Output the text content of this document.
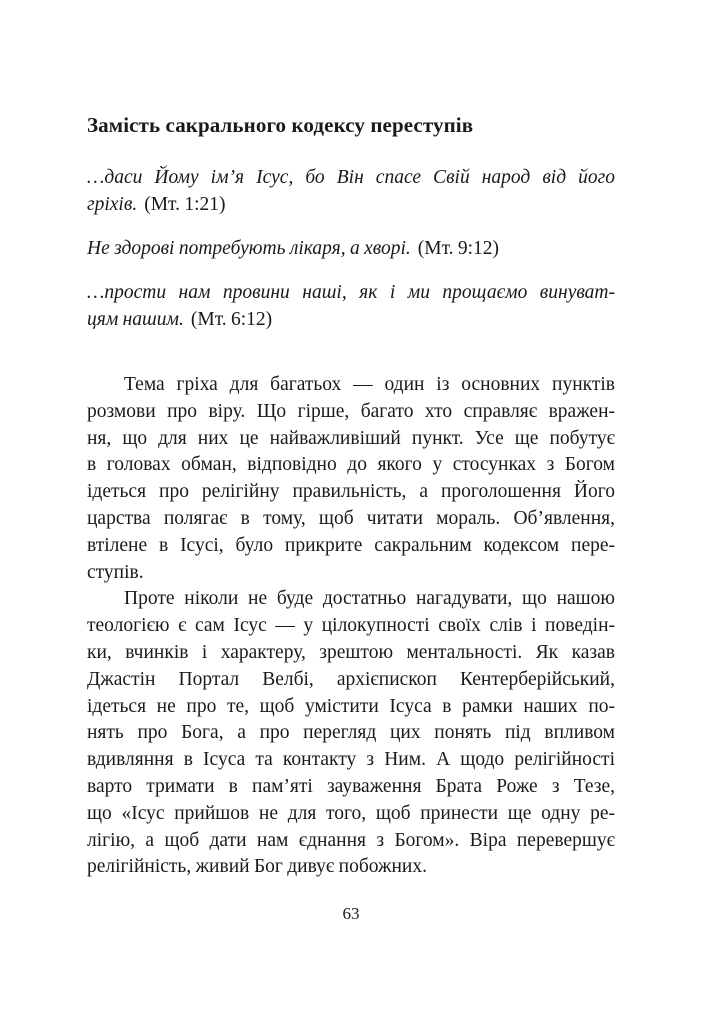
Замість сакрального кодексу переступів
…даси Йому ім’я Ісус, бо Він спасе Свій народ від його
гріхів. (Мт. 1:21)
Не здорові потребують лікаря, а хворі. (Мт. 9:12)
…прости нам провини наші, як і ми прощаємо винуват-
цям нашим. (Мт. 6:12)
Тема гріха для багатьох — один із основних пунктів
розмови про віру. Що гірше, багато хто справляє вражен-
ня, що для них це найважливіший пункт. Усе ще побутує
в головах обман, відповідно до якого у стосунках з Богом
ідеться про релігійну правильність, а проголошення Його
царства полягає в тому, щоб читати мораль. Об’явлення,
втілене в Ісусі, було прикрите сакральним кодексом пере-
ступів.
Проте ніколи не буде достатньо нагадувати, що нашою
теологією є сам Ісус — у цілокупності своїх слів і поведін-
ки, вчинків і характеру, зрештою ментальності. Як казав
Джастін Портал Велбі, архієпископ Кентерберійський,
ідеться не про те, щоб умістити Ісуса в рамки наших по-
нять про Бога, а про перегляд цих понять під впливом
вдивляння в Ісуса та контакту з Ним. А щодо релігійності
варто тримати в пам’яті зауваження Брата Роже з Тезе,
що «Ісус прийшов не для того, щоб принести ще одну ре-
лігію, а щоб дати нам єднання з Богом». Віра перевершує
релігійність, живий Бог дивує побожних.
63
